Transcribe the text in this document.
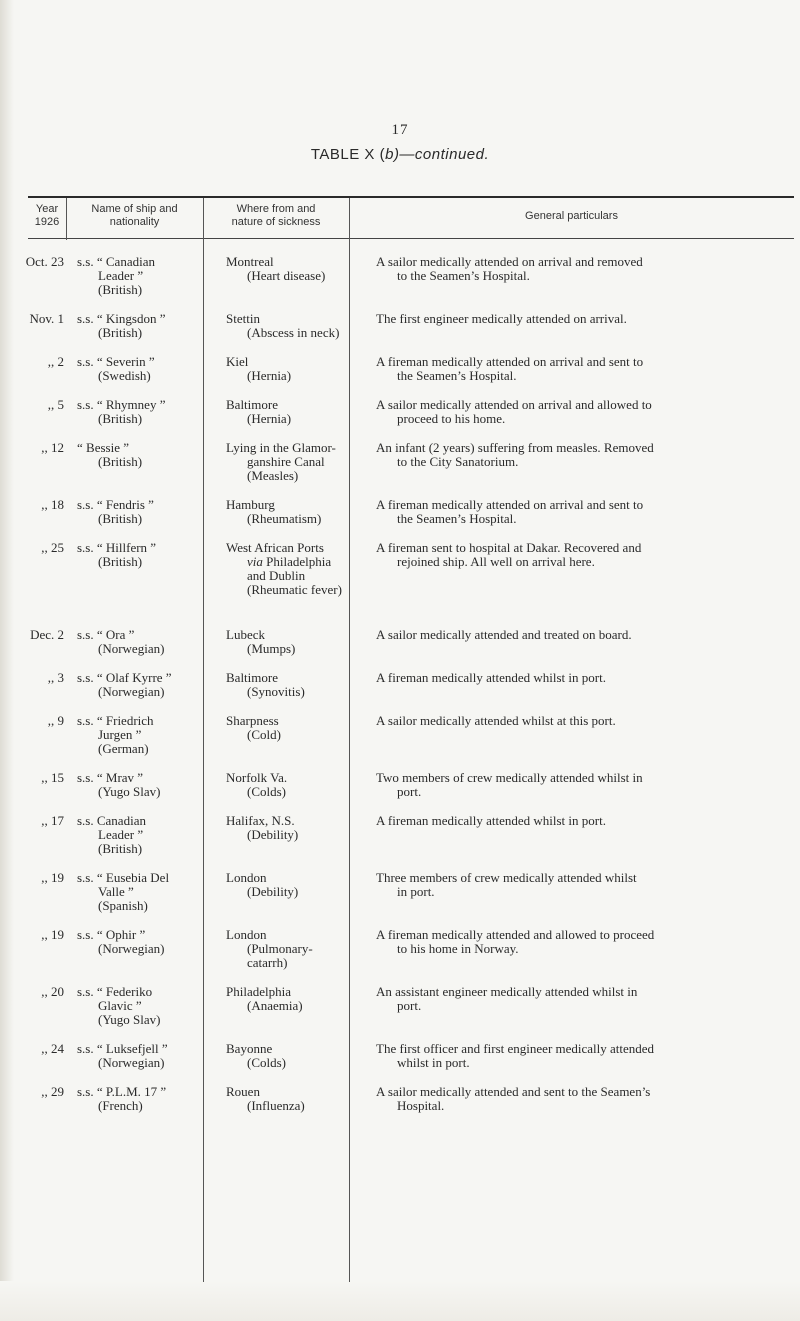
17
TABLE X (b)—continued.
Year
1926
Name of ship and
nationality
Where from and
nature of sickness	General particulars
Oct. 23 s.s. “ Canadian
Leader ”
(British)
Montreal
(Heart disease)
A sailor medically attended on arrival and removed
to the Seamen’s Hospital.
Nov. 1 s.s. “ Kingsdon ”
(British)
Stettin
(Abscess in neck)
The first engineer medically attended on arrival.
,, 2 s.s. “ Severin ”
(Swedish)
Kiel
(Hernia)
A fireman medically attended on arrival and sent to
the Seamen’s Hospital.
,, 5 s.s. “ Rhymney ”
(British)
Baltimore
(Hernia)
A sailor medically attended on arrival and allowed to
proceed to his home.
,, 12 “ Bessie ”
(British)
Lying in the Glamor-
ganshire Canal
(Measles)
An infant (2 years) suffering from measles. Removed
to the City Sanatorium.
,, 18 s.s. “ Fendris ”
(British)
Hamburg
(Rheumatism)
A fireman medically attended on arrival and sent to
the Seamen’s Hospital.
,, 25 s.s. “ Hillfern ”
(British)
West African Ports
via Philadelphia
and Dublin
(Rheumatic fever)
A fireman sent to hospital at Dakar. Recovered and
rejoined ship. All well on arrival here.
Dec. 2 s.s. “ Ora ”
(Norwegian)
Lubeck
(Mumps)
A sailor medically attended and treated on board.
,, 3 s.s. “ Olaf Kyrre ”
(Norwegian)
Baltimore
(Synovitis)
A fireman medically attended whilst in port.
,, 9 s.s. “ Friedrich
Jurgen ”
(German)
Sharpness
(Cold)
A sailor medically attended whilst at this port.
,, 15 s.s. “ Mrav ”
(Yugo Slav)
Norfolk Va.
(Colds)
Two members of crew medically attended whilst in
port.
,, 17 s.s. Canadian
Leader ”
(British)
Halifax, N.S.
(Debility)
A fireman medically attended whilst in port.
,, 19 s.s. “ Eusebia Del
Valle ”
(Spanish)
London
(Debility)
Three members of crew medically attended whilst
in port.
,, 19 s.s. “ Ophir ”
(Norwegian)
London
(Pulmonary-
catarrh)
A fireman medically attended and allowed to proceed
to his home in Norway.
,, 20 s.s. “ Federiko
Glavic ”
(Yugo Slav)
Philadelphia
(Anaemia)
An assistant engineer medically attended whilst in
port.
,, 24 s.s. “ Luksefjell ”
(Norwegian)
Bayonne
(Colds)
The first officer and first engineer medically attended
whilst in port.
,, 29 s.s. “ P.L.M. 17 ”
(French)
Rouen
(Influenza)
A sailor medically attended and sent to the Seamen’s
Hospital.
